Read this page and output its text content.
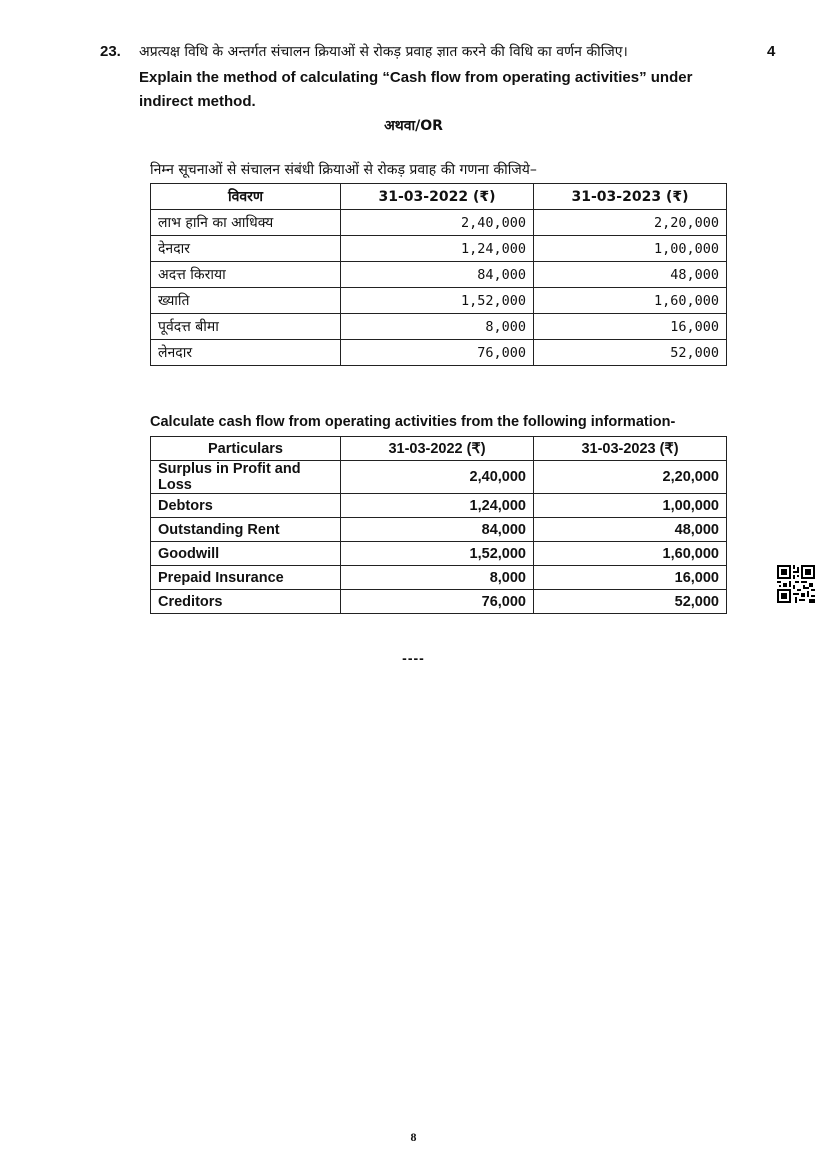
23. अप्रत्यक्ष विधि के अन्तर्गत संचालन क्रियाओं से रोकड़ प्रवाह ज्ञात करने की विधि का वर्णन कीजिए।	4
Explain the method of calculating “Cash flow from operating activities” under indirect method.
अथवा/OR
निम्न सूचनाओं से संचालन संबंधी क्रियाओं से रोकड़ प्रवाह की गणना कीजिये–
विवरण	31-03-2022 (₹)	31-03-2023 (₹)
लाभ हानि का आधिक्य	2,40,000	2,20,000
देनदार	1,24,000	1,00,000
अदत्त किराया	84,000	48,000
ख्याति	1,52,000	1,60,000
पूर्वदत्त बीमा	8,000	16,000
लेनदार	76,000	52,000
Calculate cash flow from operating activities from the following information-
Particulars	31-03-2022 (₹)	31-03-2023 (₹)
Surplus in Profit and Loss	2,40,000	2,20,000
Debtors	1,24,000	1,00,000
Outstanding Rent	84,000	48,000
Goodwill	1,52,000	1,60,000
Prepaid Insurance	8,000	16,000
Creditors	76,000	52,000
----
8
